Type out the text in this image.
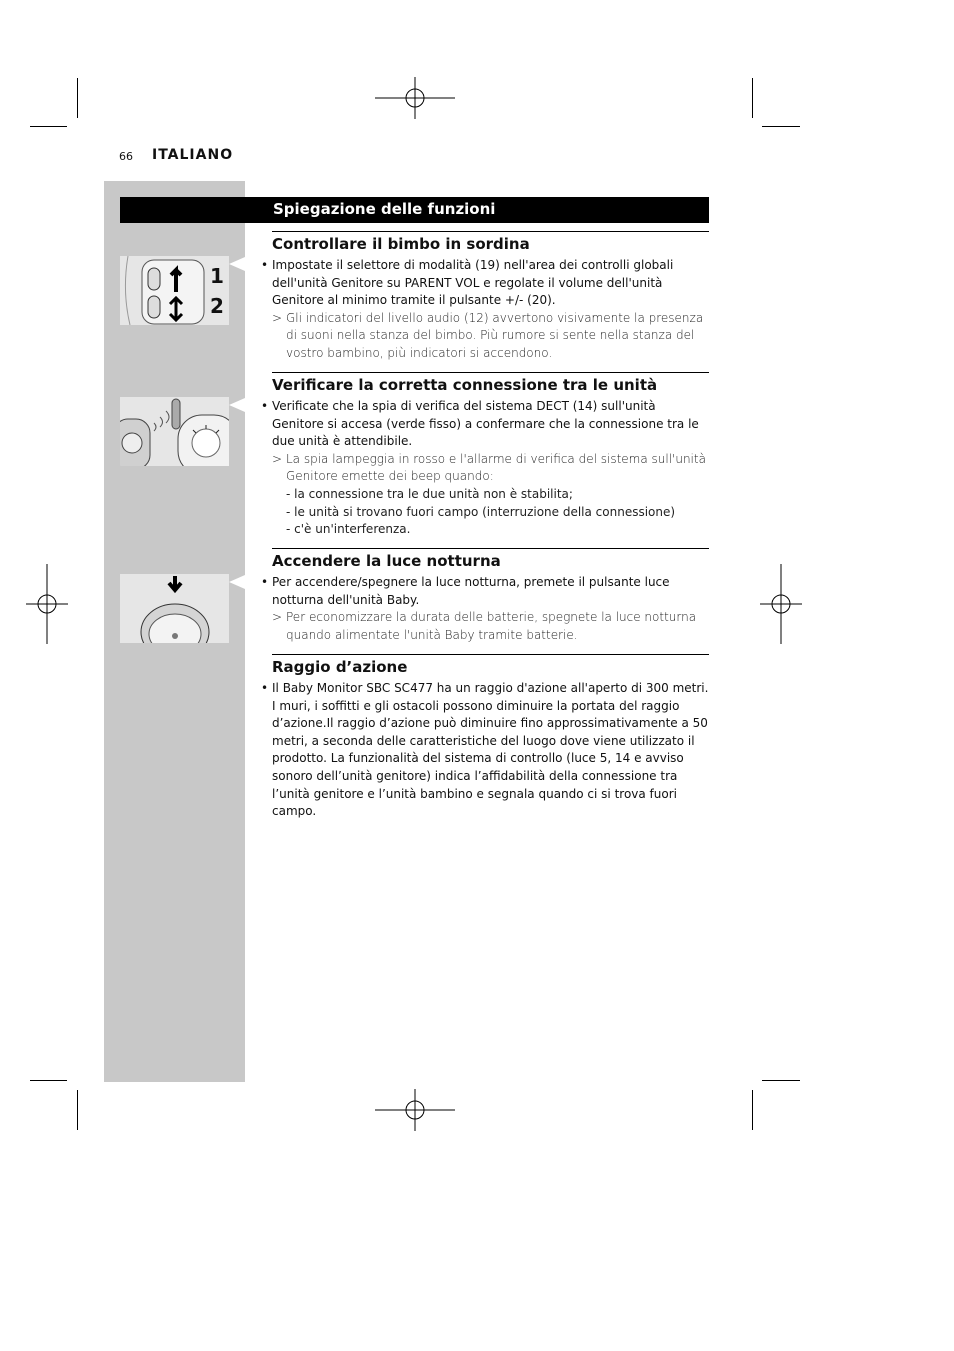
66 ITALIANO
Spiegazione delle funzioni
1
2
Controllare il bimbo in sordina
• Impostate il selettore di modalità (19) nell'area dei controlli globali dell'unità Genitore su PARENT VOL e regolate il volume dell'unità Genitore al minimo tramite il pulsante +/- (20).
> Gli indicatori del livello audio (12) avvertono visivamente la presenza di suoni nella stanza del bimbo. Più rumore si sente nella stanza del vostro bambino, più indicatori si accendono.
Verificare la corretta connessione tra le unità
• Verificate che la spia di verifica del sistema DECT (14) sull'unità Genitore si accesa (verde fisso) a confermare che la connessione tra le due unità è attendibile.
> La spia lampeggia in rosso e l'allarme di verifica del sistema sull'unità Genitore emette dei beep quando:
- la connessione tra le due unità non è stabilita;
- le unità si trovano fuori campo (interruzione della connessione)
- c'è un'interferenza.
Accendere la luce notturna
• Per accendere/spegnere la luce notturna, premete il pulsante luce notturna dell'unità Baby.
> Per economizzare la durata delle batterie, spegnete la luce notturna quando alimentate l'unità Baby tramite batterie.
Raggio d’azione
• Il Baby Monitor SBC SC477 ha un raggio d'azione all'aperto di 300 metri. I muri, i soffitti e gli ostacoli possono diminuire la portata del raggio d’azione.Il raggio d’azione può diminuire fino approssimativamente a 50 metri, a seconda delle caratteristiche del luogo dove viene utilizzato il prodotto. La funzionalità del sistema di controllo (luce 5, 14 e avviso sonoro dell’unità genitore) indica l’affidabilità della connessione tra l’unità genitore e l’unità bambino e segnala quando ci si trova fuori campo.
